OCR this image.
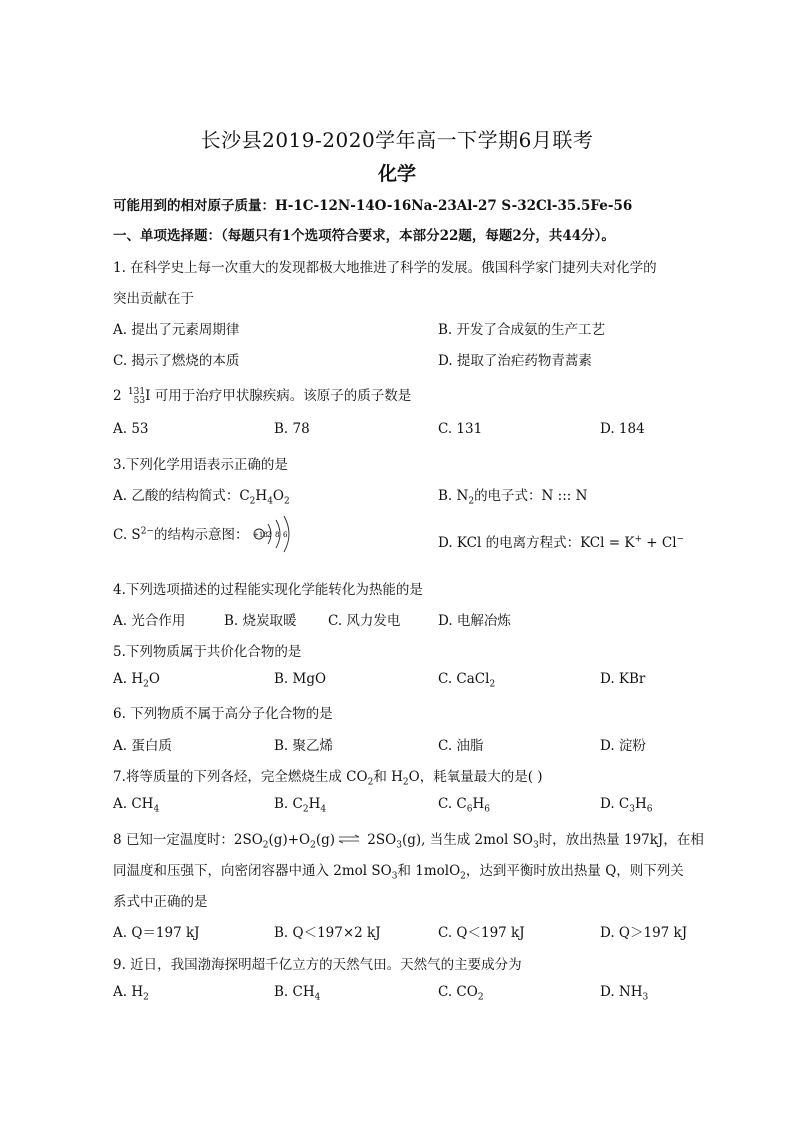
长沙县2019-2020学年高一下学期6月联考
化学
可能用到的相对原子质量：H-1C-12N-14O-16Na-23Al-27 S-32Cl-35.5Fe-56
一、单项选择题：（每题只有1个选项符合要求，本部分22题，每题2分，共44分）。
1. 在科学史上每一次重大的发现都极大地推进了科学的发展。俄国科学家门捷列夫对化学的
突出贡献在于
A. 提出了元素周期律	B. 开发了合成氨的生产工艺
C. 揭示了燃烧的本质	D. 提取了治疟药物青蒿素
2 131
53 I 可用于治疗甲状腺疾病。该原子的质子数是
A. 53	B. 78	C. 131	D. 184
3.下列化学用语表示正确的是
A. 乙酸的结构简式：$C_2H_4O_2$	B. $N_2$的电子式：N ::: N
C. $S^{2-}$的结构示意图： +18 2 8 6	D. KCl 的电离方程式：KCl = K+ + Cl−
4.下列选项描述的过程能实现化学能转化为热能的是
A. 光合作用	B. 烧炭取暖 C. 风力发电	D. 电解冶炼
5.下列物质属于共价化合物的是
A. $H_2O$	B. MgO	C. CaCl$_2$	D. KBr
6. 下列物质不属于高分子化合物的是
A. 蛋白质	B. 聚乙烯	C. 油脂	D. 淀粉
7.将等质量的下列各烃，完全燃烧生成 $CO_2$和 $H_2O$，耗氧量最大的是( )
A. $CH_4$	B. $C_2H_4$	C. $C_6H_6$	D. $C_3H_6$
8 已知一定温度时：$2SO_2(g)+O_2(g)\rightleftharpoons$ $2SO_3(g)$, 当生成 2mol $SO_3$时，放出热量 197kJ，在相
同温度和压强下，向密闭容器中通入 2mol $SO_3$和 1molO$_2$，达到平衡时放出热量 Q，则下列关
系式中正确的是
A. Q＝197 kJ	B. Q＜197×2 kJ	C. Q＜197 kJ	D. Q＞197 kJ
9. 近日，我国渤海探明超千亿立方的天然气田。天然气的主要成分为
A. $H_2$	B. $CH_4$	C. $CO_2$	D. $NH_3$
